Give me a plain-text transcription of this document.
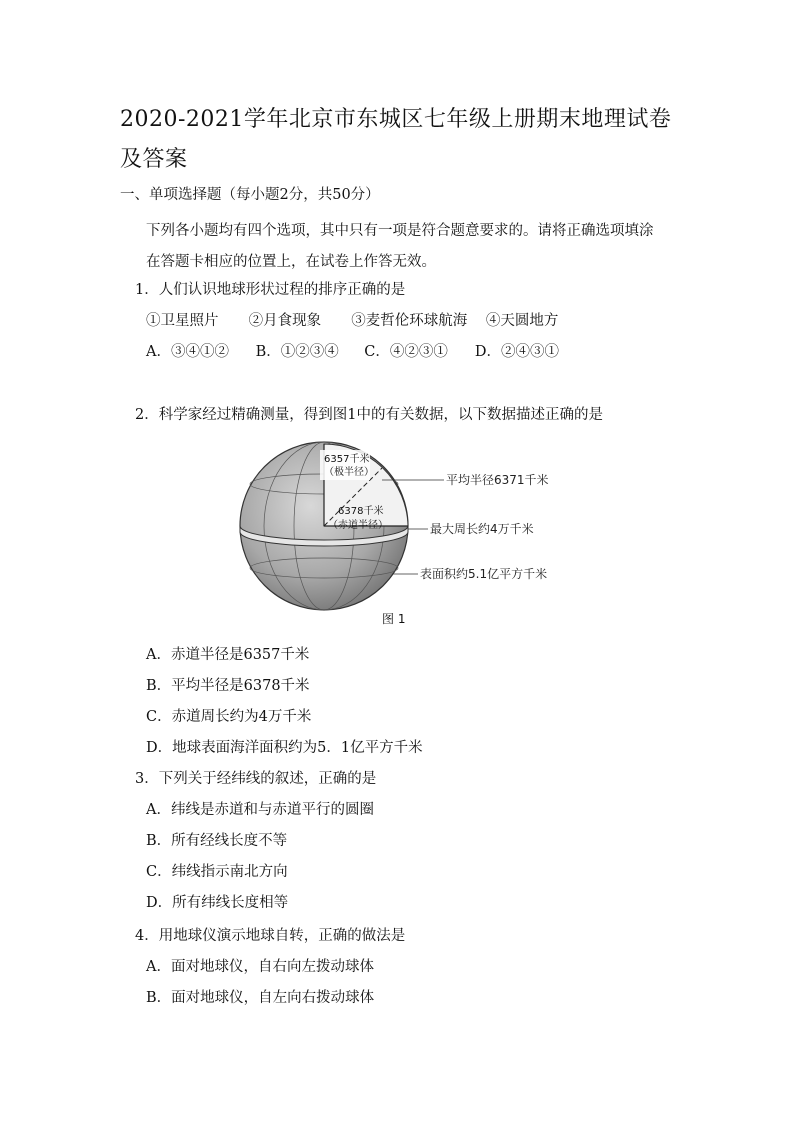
2020-2021学年北京市东城区七年级上册期末地理试卷及答案
一、单项选择题（每小题2分，共50分）
下列各小题均有四个选项，其中只有一项是符合题意要求的。请将正确选项填涂在答题卡相应的位置上，在试卷上作答无效。
1．人们认识地球形状过程的排序正确的是
①卫星照片 ②月食现象 ③麦哲伦环球航海 ④天圆地方
A．③④①② B．①②③④ C．④②③① D．②④③①
2．科学家经过精确测量，得到图1中的有关数据，以下数据描述正确的是
6357千米
（极半径）
6378千米
（赤道半径）
平均半径6371千米
最大周长约4万千米
表面积约5.1亿平方千米
图 1
A．赤道半径是6357千米
B．平均半径是6378千米
C．赤道周长约为4万千米
D．地球表面海洋面积约为5．1亿平方千米
3．下列关于经纬线的叙述，正确的是
A．纬线是赤道和与赤道平行的圆圈
B．所有经线长度不等
C．纬线指示南北方向
D．所有纬线长度相等
4．用地球仪演示地球自转，正确的做法是
A．面对地球仪，自右向左拨动球体
B．面对地球仪，自左向右拨动球体
